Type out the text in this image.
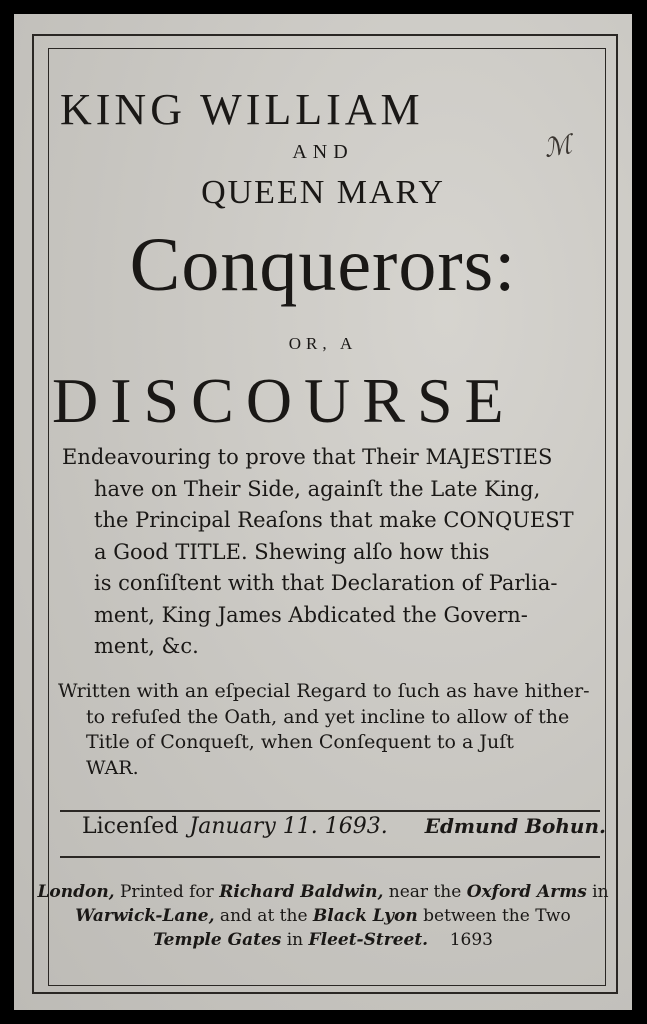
KING WILLIAM
AND
QUEEN MARY
ℳ
Conquerors:
OR, A
DISCOURSE
Endeavouring to prove that Their MAJESTIES
have on Their Side, againſt the Late King,
the Principal Reaſons that make CONQUEST
a Good TITLE. Shewing alſo how this
is conſiſtent with that Declaration of Parlia-
ment, King James Abdicated the Govern-
ment, &c.
Written with an eſpecial Regard to ſuch as have hither-
to refuſed the Oath, and yet incline to allow of the
Title of Conqueſt, when Conſequent to a Juſt
WAR.
Licenſed January 11. 1693. Edmund Bohun.
London, Printed for Richard Baldwin, near the Oxford Arms in
Warwick-Lane, and at the Black Lyon between the Two
Temple Gates in Fleet-Street. 1693
